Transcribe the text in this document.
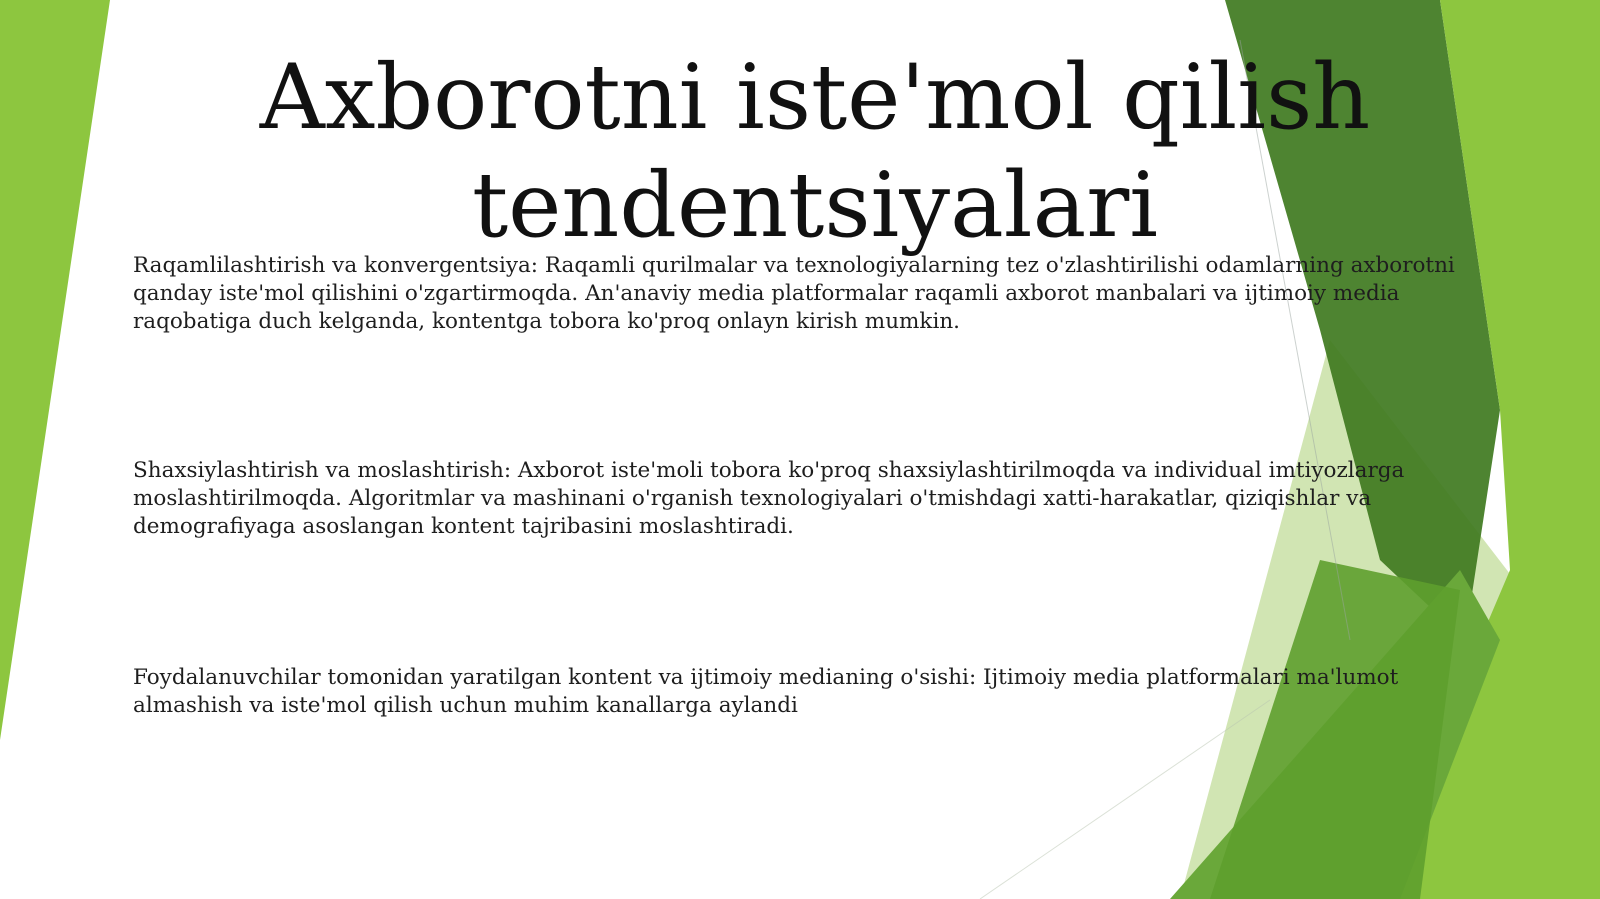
Axborotni iste'mol qilish tendentsiyalari

Raqamlilashtirish va konvergentsiya: Raqamli qurilmalar va texnologiyalarning tez o'zlashtirilishi odamlarning axborotni qanday iste'mol qilishini o'zgartirmoqda. An'anaviy media platformalar raqamli axborot manbalari va ijtimoiy media raqobatiga duch kelganda, kontentga tobora ko'proq onlayn kirish mumkin.

Shaxsiylashtirish va moslashtirish: Axborot iste'moli tobora ko'proq shaxsiylashtirilmoqda va individual imtiyozlarga moslashtirilmoqda. Algoritmlar va mashinani o'rganish texnologiyalari o'tmishdagi xatti-harakatlar, qiziqishlar va demografiyaga asoslangan kontent tajribasini moslashtiradi.

Foydalanuvchilar tomonidan yaratilgan kontent va ijtimoiy medianing o'sishi: Ijtimoiy media platformalari ma'lumot almashish va iste'mol qilish uchun muhim kanallarga aylandi
